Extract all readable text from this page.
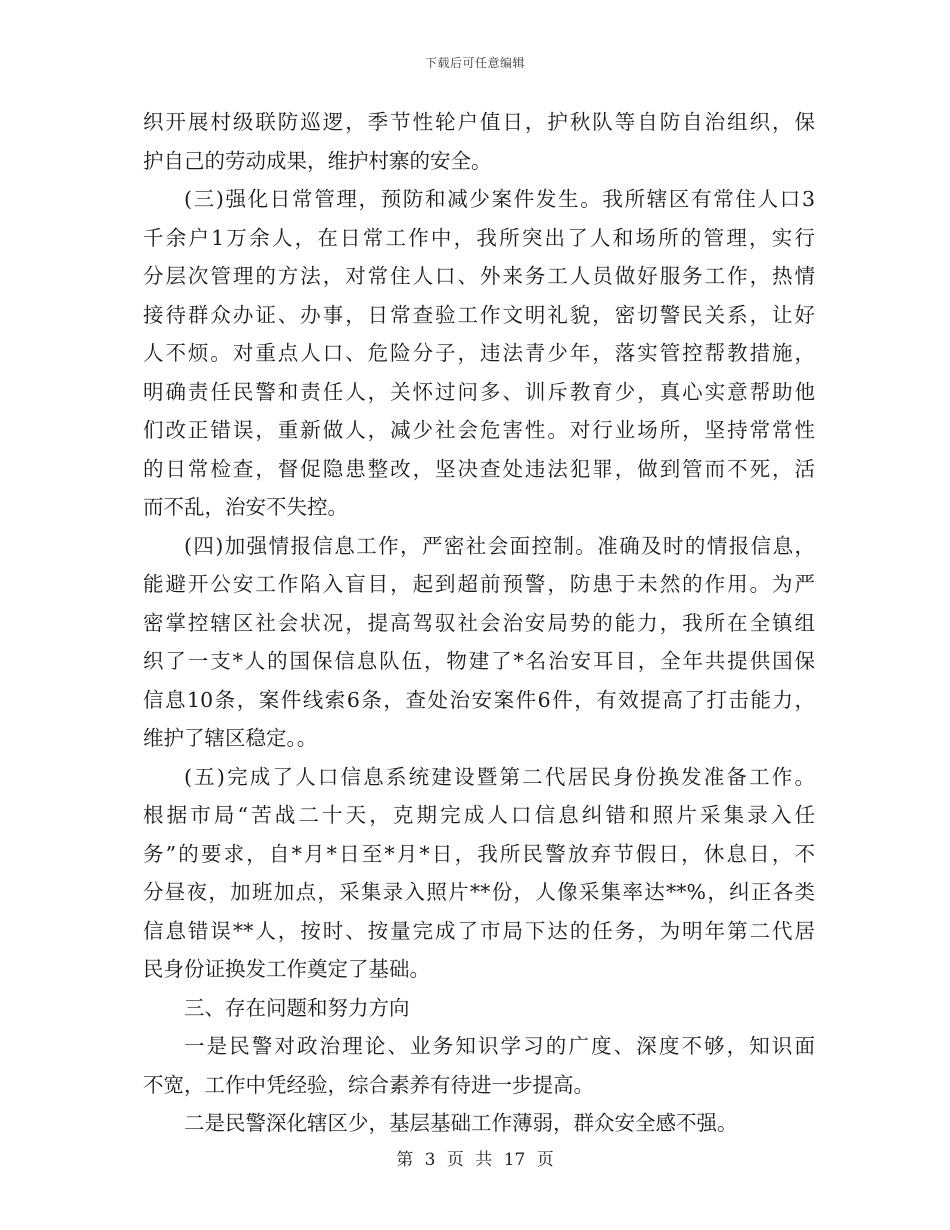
下载后可任意编辑
织开展村级联防巡逻，季节性轮户值日，护秋队等自防自治组织，保
护自己的劳动成果，维护村寨的安全。
(三)强化日常管理，预防和减少案件发生。我所辖区有常住人口3
千余户1万余人，在日常工作中，我所突出了人和场所的管理，实行
分层次管理的方法，对常住人口、外来务工人员做好服务工作，热情
接待群众办证、办事，日常查验工作文明礼貌，密切警民关系，让好
人不烦。对重点人口、危险分子，违法青少年，落实管控帮教措施，
明确责任民警和责任人，关怀过问多、训斥教育少，真心实意帮助他
们改正错误，重新做人，减少社会危害性。对行业场所，坚持常常性
的日常检查，督促隐患整改，坚决查处违法犯罪，做到管而不死，活
而不乱，治安不失控。
(四)加强情报信息工作，严密社会面控制。准确及时的情报信息，
能避开公安工作陷入盲目，起到超前预警，防患于未然的作用。为严
密掌控辖区社会状况，提高驾驭社会治安局势的能力，我所在全镇组
织了一支*人的国保信息队伍，物建了*名治安耳目，全年共提供国保
信息10条，案件线索6条，查处治安案件6件，有效提高了打击能力，
维护了辖区稳定。。
(五)完成了人口信息系统建设暨第二代居民身份换发准备工作。
根据市局“苦战二十天，克期完成人口信息纠错和照片采集录入任
务”的要求，自*月*日至*月*日，我所民警放弃节假日，休息日，不
分昼夜，加班加点，采集录入照片**份，人像采集率达**%，纠正各类
信息错误**人，按时、按量完成了市局下达的任务，为明年第二代居
民身份证换发工作奠定了基础。
三、存在问题和努力方向
一是民警对政治理论、业务知识学习的广度、深度不够，知识面
不宽，工作中凭经验，综合素养有待进一步提高。
二是民警深化辖区少，基层基础工作薄弱，群众安全感不强。
第 3 页 共 17 页
